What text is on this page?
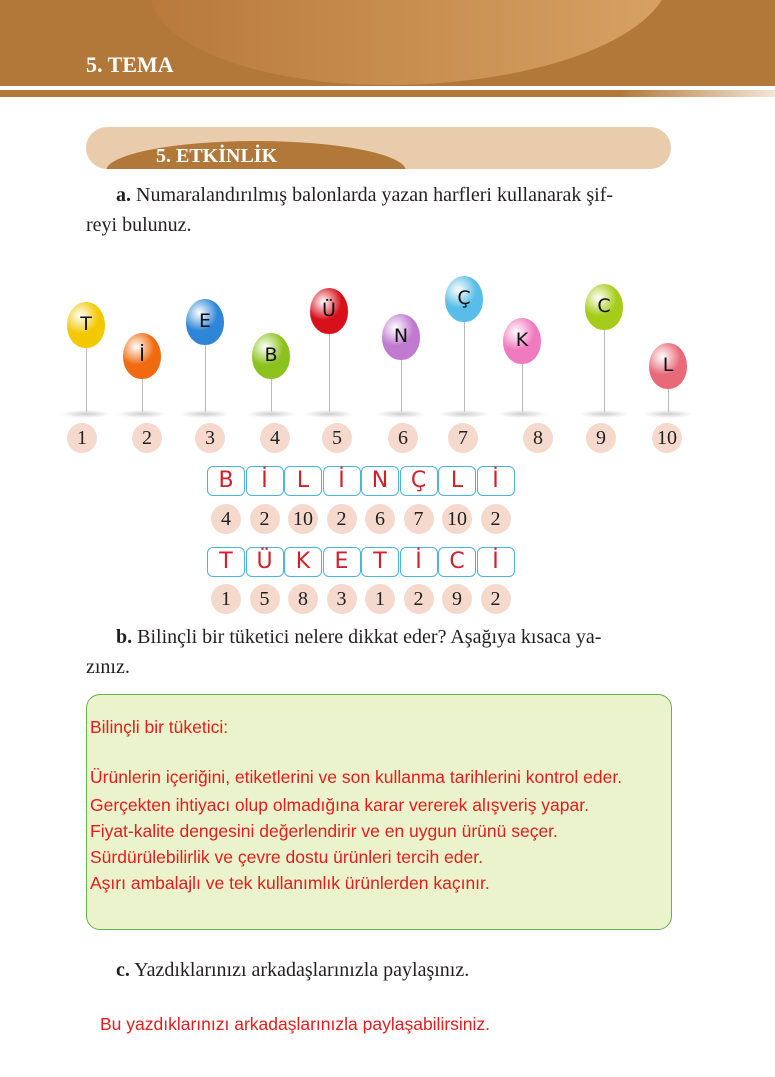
5. TEMA
5. ETKİNLİK
a. Numaralandırılmış balonlarda yazan harfleri kullanarak şif-
reyi bulunuz.
T
1
İ
2
E
3
B
4
Ü
5
N
6
Ç
7
K
8
C
9
L
10
B
4
İ
2
L
10
İ
2
N
6
Ç
7
L
10
İ
2
T
1
Ü
5
K
8
E
3
T
1
İ
2
C
9
İ
2
b. Bilinçli bir tüketici nelere dikkat eder? Aşağıya kısaca ya-
zınız.
Bilinçli bir tüketici:
Ürünlerin içeriğini, etiketlerini ve son kullanma tarihlerini kontrol eder.
Gerçekten ihtiyacı olup olmadığına karar vererek alışveriş yapar.
Fiyat-kalite dengesini değerlendirir ve en uygun ürünü seçer.
Sürdürülebilirlik ve çevre dostu ürünleri tercih eder.
Aşırı ambalajlı ve tek kullanımlık ürünlerden kaçınır.
c. Yazdıklarınızı arkadaşlarınızla paylaşınız.
Bu yazdıklarınızı arkadaşlarınızla paylaşabilirsiniz.
